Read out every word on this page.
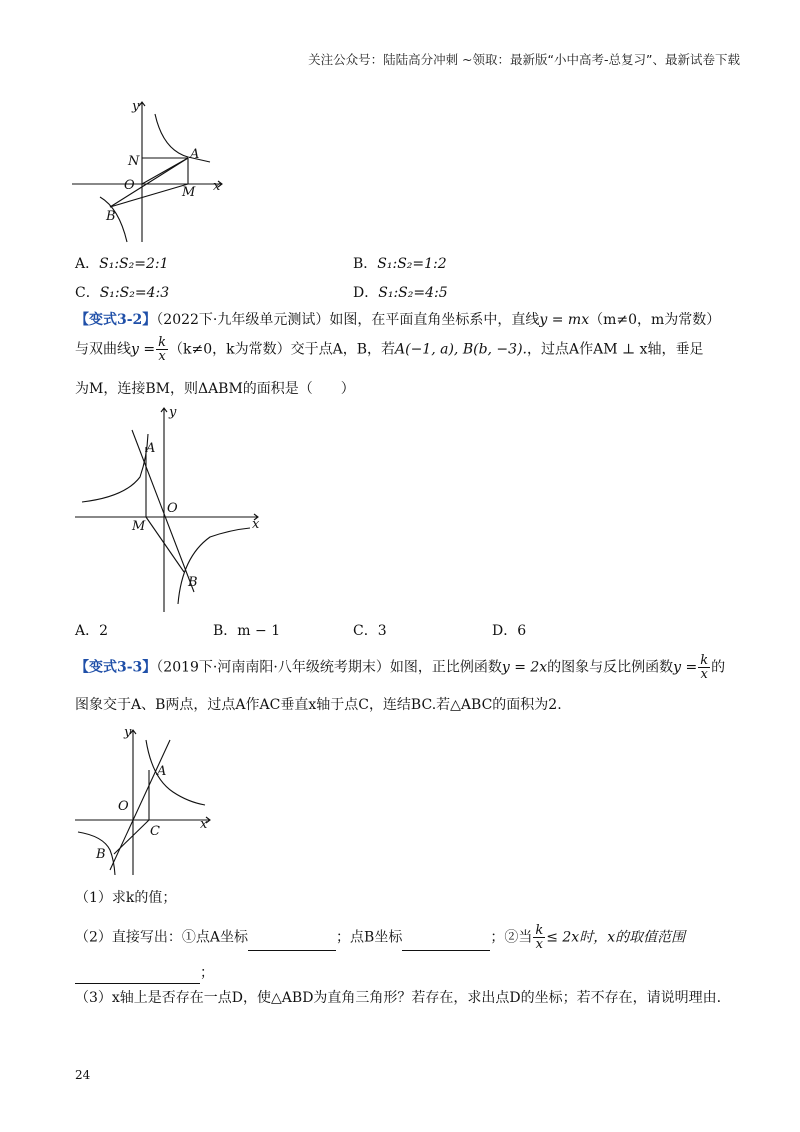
关注公众号：陆陆高分冲刺 ~领取：最新版“小中高考-总复习”、最新试卷下载
y
N	A
O	M x
B
A．S₁:S₂=2:1	B．S₁:S₂=1:2
C．S₁:S₂=4:3	D．S₁:S₂=4:5
【变式3-2】（2022下·九年级单元测试）如图，在平面直角坐标系中，直线y = mx（m≠0，m为常数）
与双曲线$y = \frac{k}{x} (k\ne 0$，k为常数）交于点A，B，若A(−1, a), B(b, −3).，过点A作AM ⊥ x轴，垂足
为M，连接BM，则ΔABM的面积是（　　）
y
A
O
M	x
B
A．2	B．m − 1	C．3	D．6
【变式3-3】（2019下·河南南阳·八年级统考期末）如图，正比例函数y = 2x的图象与反比例函数$y = \frac{k}{x}$ 的
图象交于A、B两点，过点A作AC垂直x轴于点C，连结BC.若△ABC的面积为2.
y
A
O
C	x
B
（1）求k的值；
（2）直接写出：①点A坐标	；点B坐标	；②当 $\frac{k}{x} \le 2x$时，x的取值范围
；
（3）x轴上是否存在一点D，使△ABD为直角三角形？若存在，求出点D的坐标；若不存在，请说明理由.
24
